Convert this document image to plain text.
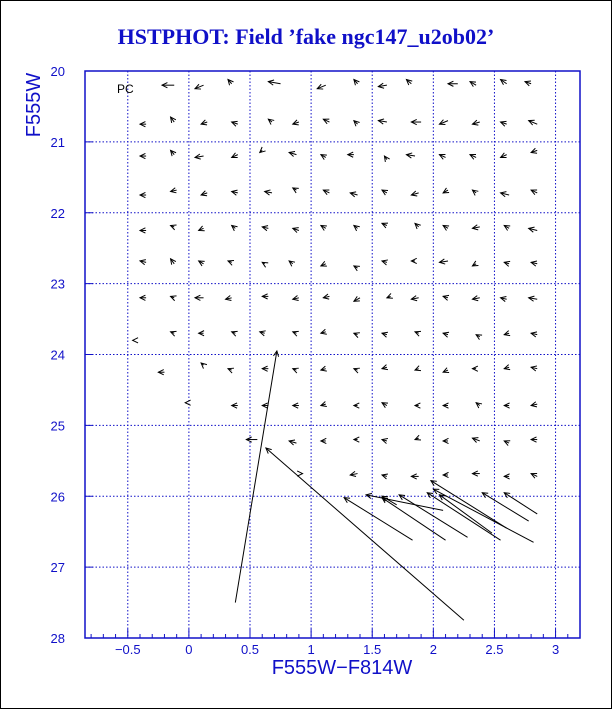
HSTPHOT: Field ’fake ngc147_u2ob02’
−0.5	0	0.5	1	1.5	2	2.5	3
20
21
22
23
24
25
26
27
28
PC
F555W−F814W
F555W
